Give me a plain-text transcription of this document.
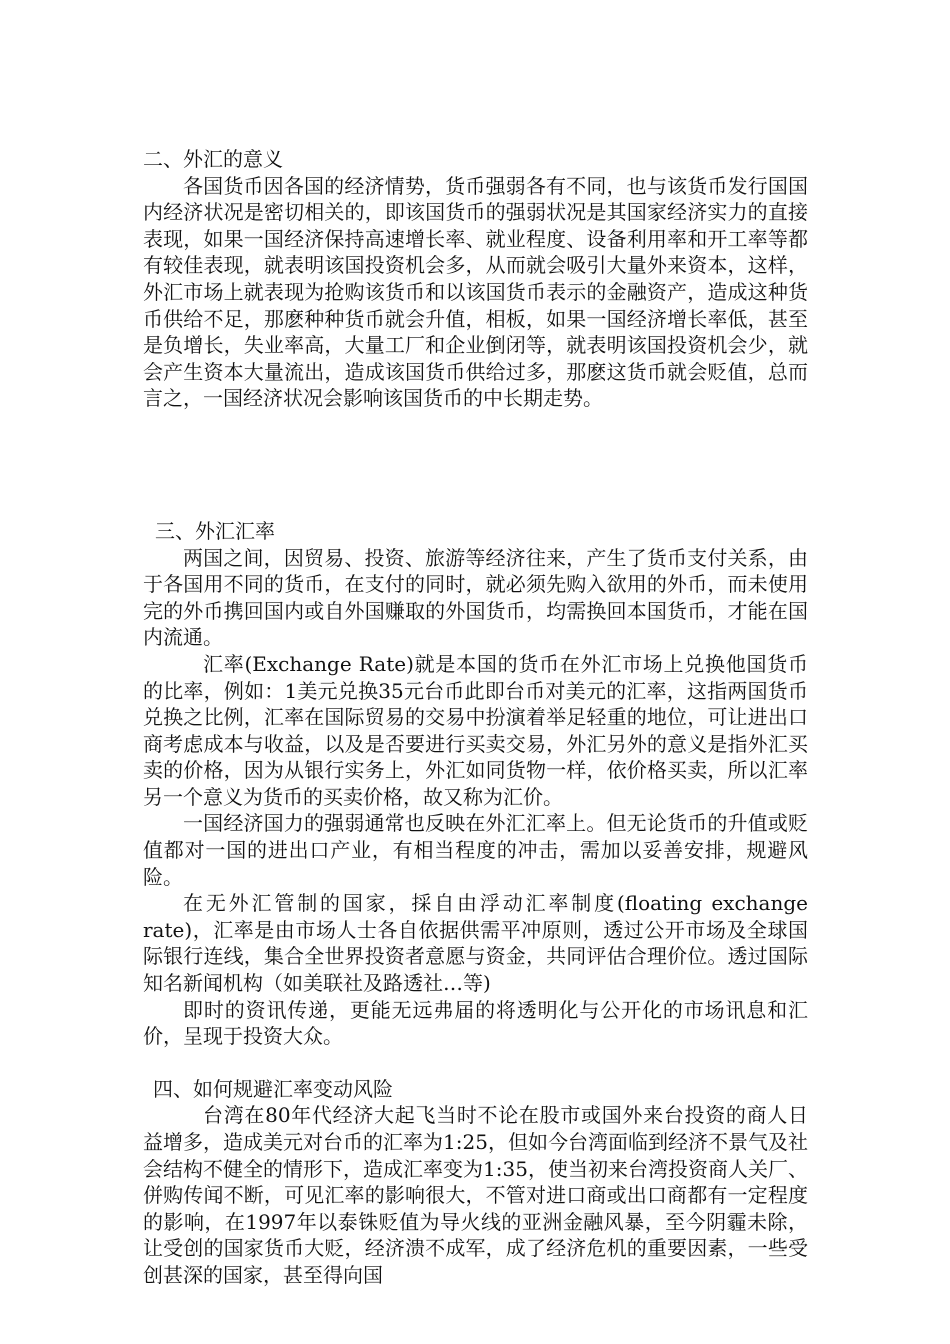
二、外汇的意义

各国货币因各国的经济情势，货币强弱各有不同，也与该货币发行国国内经济状况是密切相关的，即该国货币的强弱状况是其国家经济实力的直接表现，如果一国经济保持高速增长率、就业程度、设备利用率和开工率等都有较佳表现，就表明该国投资机会多，从而就会吸引大量外来资本，这样，外汇市场上就表现为抢购该货币和以该国货币表示的金融资产，造成这种货币供给不足，那麽种种货币就会升值，相板，如果一国经济增长率低，甚至是负增长，失业率高，大量工厂和企业倒闭等，就表明该国投资机会少，就会产生资本大量流出，造成该国货币供给过多，那麽这货币就会贬值，总而言之，一国经济状况会影响该国货币的中长期走势。

三、外汇汇率

两国之间，因贸易、投资、旅游等经济往来，产生了货币支付关系，由于各国用不同的货币，在支付的同时，就必须先购入欲用的外币，而未使用完的外币携回国内或自外国赚取的外国货币，均需换回本国货币，才能在国内流通。

汇率(Exchange Rate)就是本国的货币在外汇市场上兑换他国货币的比率，例如：1美元兑换35元台币此即台币对美元的汇率，这指两国货币兑换之比例，汇率在国际贸易的交易中扮演着举足轻重的地位，可让进出口商考虑成本与收益，以及是否要进行买卖交易，外汇另外的意义是指外汇买卖的价格，因为从银行实务上，外汇如同货物一样，依价格买卖，所以汇率另一个意义为货币的买卖价格，故又称为汇价。

一国经济国力的强弱通常也反映在外汇汇率上。但无论货币的升值或贬值都对一国的进出口产业，有相当程度的冲击，需加以妥善安排，规避风险。

在无外汇管制的国家，採自由浮动汇率制度(floating exchange rate)，汇率是由市场人士各自依据供需平冲原则，透过公开市场及全球国际银行连线，集合全世界投资者意愿与资金，共同评估合理价位。透过国际知名新闻机构（如美联社及路透社…等)

即时的资讯传递，更能无远弗届的将透明化与公开化的市场讯息和汇价，呈现于投资大众。

四、如何规避汇率变动风险

台湾在80年代经济大起飞当时不论在股市或国外来台投资的商人日益增多，造成美元对台币的汇率为1:25，但如今台湾面临到经济不景气及社会结构不健全的情形下，造成汇率变为1:35，使当初来台湾投资商人关厂、併购传闻不断，可见汇率的影响很大，不管对进口商或出口商都有一定程度的影响，在1997年以泰铢贬值为导火线的亚洲金融风暴，至今阴霾未除，让受创的国家货币大贬，经济溃不成军，成了经济危机的重要因素，一些受创甚深的国家，甚至得向国
